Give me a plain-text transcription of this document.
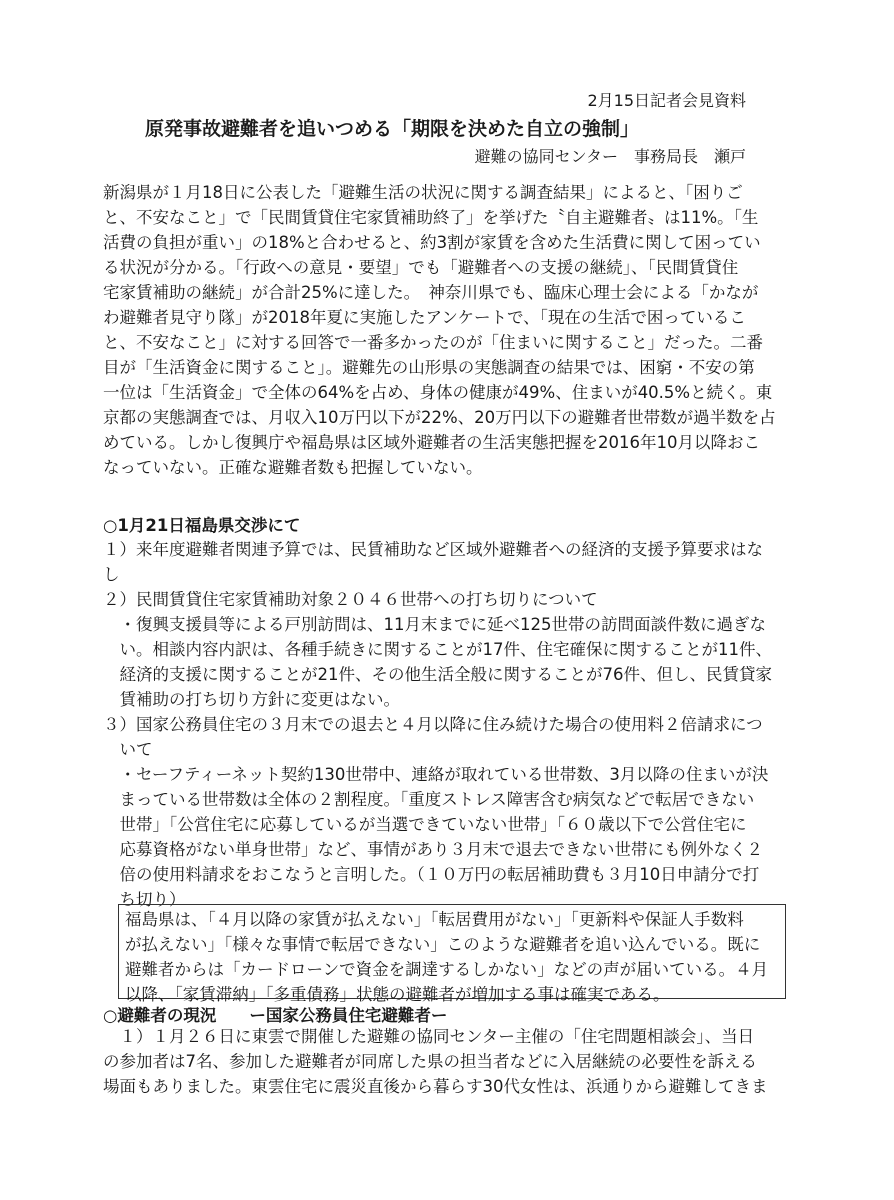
2月15日記者会見資料
原発事故避難者を追いつめる「期限を決めた自立の強制」
避難の協同センター　事務局長　瀬戸

新潟県が１月18日に公表した「避難生活の状況に関する調査結果」によると、「困りご

と、不安なこと」で「民間賃貸住宅家賃補助終了」を挙げた〝自主避難者〟は11%。「生

活費の負担が重い」の18%と合わせると、約3割が家賃を含めた生活費に関して困ってい

る状況が分かる。「行政への意見・要望」でも「避難者への支援の継続」、「民間賃貸住

宅家賃補助の継続」が合計25%に達した。　神奈川県でも、臨床心理士会による「かなが

わ避難者見守り隊」が2018年夏に実施したアンケートで、「現在の生活で困っているこ

と、不安なこと」に対する回答で一番多かったのが「住まいに関すること」だった。二番

目が「生活資金に関すること」。避難先の山形県の実態調査の結果では、困窮・不安の第

一位は「生活資金」で全体の64%を占め、身体の健康が49%、住まいが40.5%と続く。東

京都の実態調査では、月収入10万円以下が22%、20万円以下の避難者世帯数が過半数を占

めている。しかし復興庁や福島県は区域外避難者の生活実態把握を2016年10月以降おこ

なっていない。正確な避難者数も把握していない。

○1月21日福島県交渉にて

１）来年度避難者関連予算では、民賃補助など区域外避難者への経済的支援予算要求はな

し

２）民間賃貸住宅家賃補助対象２０４６世帯への打ち切りについて

　・復興支援員等による戸別訪問は、11月末までに延べ125世帯の訪問面談件数に過ぎな

　い。相談内容内訳は、各種手続きに関することが17件、住宅確保に関することが11件、

　経済的支援に関することが21件、その他生活全般に関することが76件、但し、民賃貸家

　賃補助の打ち切り方針に変更はない。

３）国家公務員住宅の３月末での退去と４月以降に住み続けた場合の使用料２倍請求につ

　いて

　・セーフティーネット契約130世帯中、連絡が取れている世帯数、3月以降の住まいが決

　まっている世帯数は全体の２割程度。「重度ストレス障害含む病気などで転居できない

　世帯」「公営住宅に応募しているが当選できていない世帯」「６０歳以下で公営住宅に

　応募資格がない単身世帯」など、事情があり３月末で退去できない世帯にも例外なく２

　倍の使用料請求をおこなうと言明した。（１０万円の転居補助費も３月10日申請分で打

　ち切り）

福島県は、「４月以降の家賃が払えない」「転居費用がない」「更新料や保証人手数料

が払えない」「様々な事情で転居できない」このような避難者を追い込んでいる。既に

避難者からは「カードローンで資金を調達するしかない」などの声が届いている。４月

以降、「家賃滞納」「多重債務」状態の避難者が増加する事は確実である。

○避難者の現況　　ー国家公務員住宅避難者ー

　１）１月２６日に東雲で開催した避難の協同センター主催の「住宅問題相談会」、当日

の参加者は7名、参加した避難者が同席した県の担当者などに入居継続の必要性を訴える

場面もありました。東雲住宅に震災直後から暮らす30代女性は、浜通りから避難してきま
